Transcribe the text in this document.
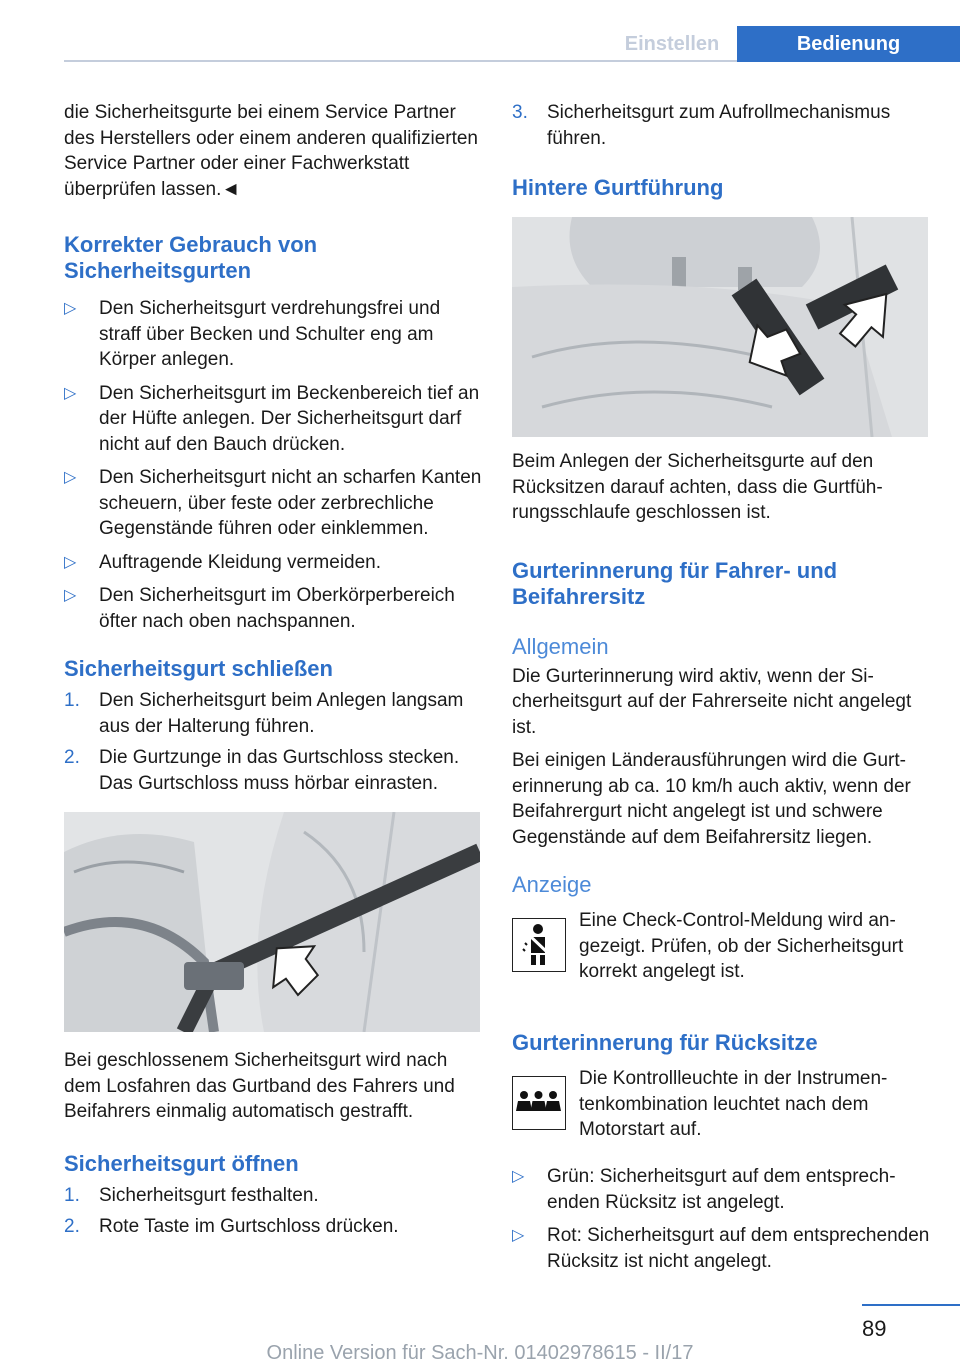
Einstellen	Bedienung

die Sicherheitsgurte bei einem Service Partner des Herstellers oder einem anderen qualifizierten Service Partner oder einer Fachwerkstatt überprüfen lassen.◄

Korrekter Gebrauch von Sicherheitsgurten
▷ Den Sicherheitsgurt verdrehungsfrei und straff über Becken und Schulter eng am Körper anlegen.
▷ Den Sicherheitsgurt im Beckenbereich tief an der Hüfte anlegen. Der Sicherheitsgurt darf nicht auf den Bauch drücken.
▷ Den Sicherheitsgurt nicht an scharfen Kanten scheuern, über feste oder zerbrechliche Gegenstände führen oder einklemmen.
▷ Auftragende Kleidung vermeiden.
▷ Den Sicherheitsgurt im Oberkörperbereich öfter nach oben nachspannen.
Sicherheitsgurt schließen
1. Den Sicherheitsgurt beim Anlegen langsam aus der Halterung führen.
2. Die Gurtzunge in das Gurtschloss stecken. Das Gurtschloss muss hörbar einrasten.

Bei geschlossenem Sicherheitsgurt wird nach dem Losfahren das Gurtband des Fahrers und Beifahrers einmalig automatisch gestrafft.

Sicherheitsgurt öffnen
1. Sicherheitsgurt festhalten.
2. Rote Taste im Gurtschloss drücken.
3. Sicherheitsgurt zum Aufrollmechanismus führen.
Hintere Gurtführung

Beim Anlegen der Sicherheitsgurte auf den Rücksitzen darauf achten, dass die Gurtführungsschlaufe geschlossen ist.

Gurterinnerung für Fahrer- und Beifahrersitz
Allgemein

Die Gurterinnerung wird aktiv, wenn der Sicherheitsgurt auf der Fahrerseite nicht angelegt ist.

Bei einigen Länderausführungen wird die Gurterinnerung ab ca. 10 km/h auch aktiv, wenn der Beifahrergurt nicht angelegt ist und schwere Gegenstände auf dem Beifahrersitz liegen.

Anzeige

Eine Check-Control-Meldung wird angezeigt. Prüfen, ob der Sicherheitsgurt korrekt angelegt ist.

Gurterinnerung für Rücksitze

Die Kontrollleuchte in der Instrumentenkombination leuchtet nach dem Motorstart auf.

▷ Grün: Sicherheitsgurt auf dem entsprechenden Rücksitz ist angelegt.
▷ Rot: Sicherheitsgurt auf dem entsprechenden Rücksitz ist nicht angelegt.
89
Online Version für Sach-Nr. 01402978615 - II/17
